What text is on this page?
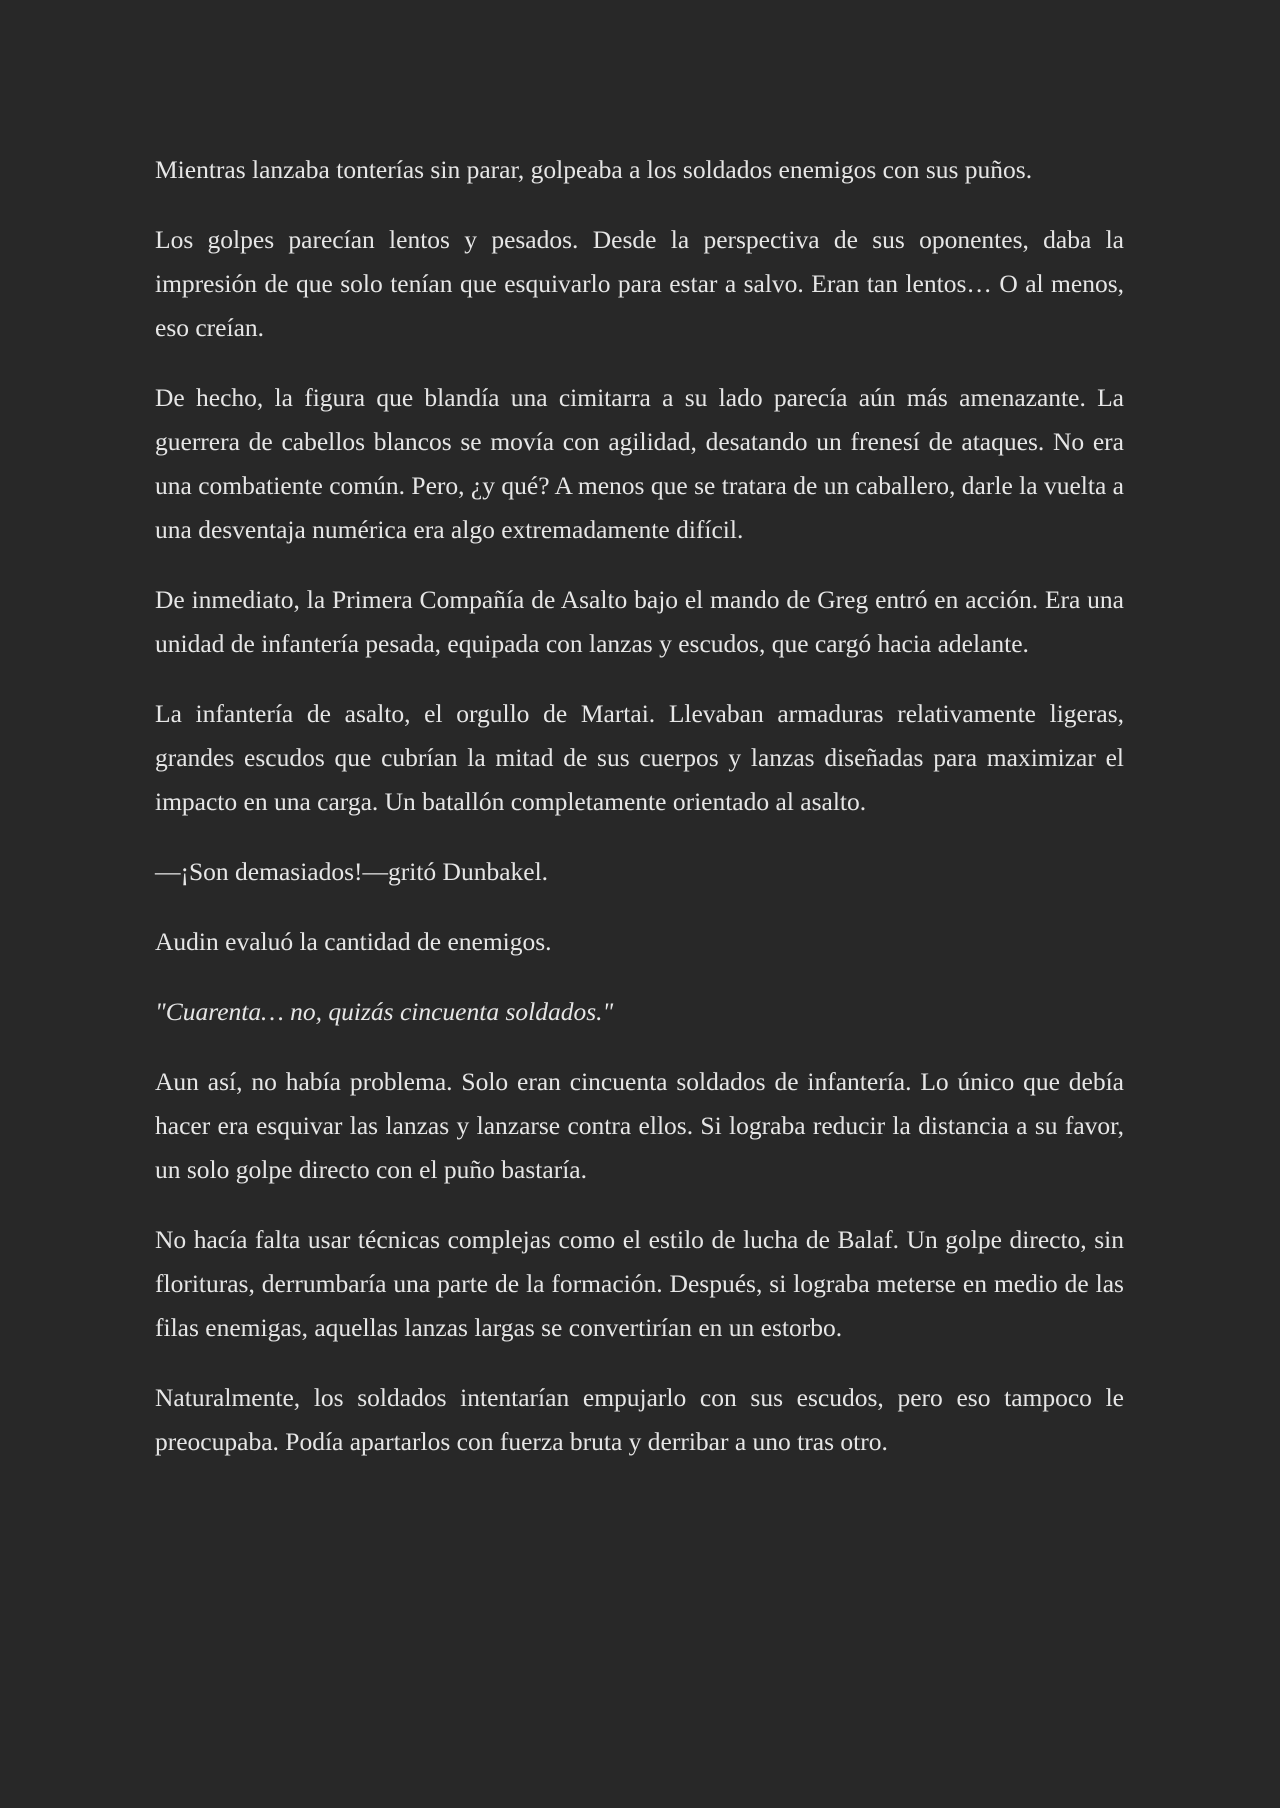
Mientras lanzaba tonterías sin parar, golpeaba a los soldados enemigos con sus puños.

Los golpes parecían lentos y pesados. Desde la perspectiva de sus oponentes, daba la impresión de que solo tenían que esquivarlo para estar a salvo. Eran tan lentos… O al menos, eso creían.

De hecho, la figura que blandía una cimitarra a su lado parecía aún más amenazante. La guerrera de cabellos blancos se movía con agilidad, desatando un frenesí de ataques. No era una combatiente común. Pero, ¿y qué? A menos que se tratara de un caballero, darle la vuelta a una desventaja numérica era algo extremadamente difícil.

De inmediato, la Primera Compañía de Asalto bajo el mando de Greg entró en acción. Era una unidad de infantería pesada, equipada con lanzas y escudos, que cargó hacia adelante.

La infantería de asalto, el orgullo de Martai. Llevaban armaduras relativamente ligeras, grandes escudos que cubrían la mitad de sus cuerpos y lanzas diseñadas para maximizar el impacto en una carga. Un batallón completamente orientado al asalto.

—¡Son demasiados!—gritó Dunbakel.

Audin evaluó la cantidad de enemigos.

"Cuarenta… no, quizás cincuenta soldados."

Aun así, no había problema. Solo eran cincuenta soldados de infantería. Lo único que debía hacer era esquivar las lanzas y lanzarse contra ellos. Si lograba reducir la distancia a su favor, un solo golpe directo con el puño bastaría.

No hacía falta usar técnicas complejas como el estilo de lucha de Balaf. Un golpe directo, sin florituras, derrumbaría una parte de la formación. Después, si lograba meterse en medio de las filas enemigas, aquellas lanzas largas se convertirían en un estorbo.

Naturalmente, los soldados intentarían empujarlo con sus escudos, pero eso tampoco le preocupaba. Podía apartarlos con fuerza bruta y derribar a uno tras otro.
